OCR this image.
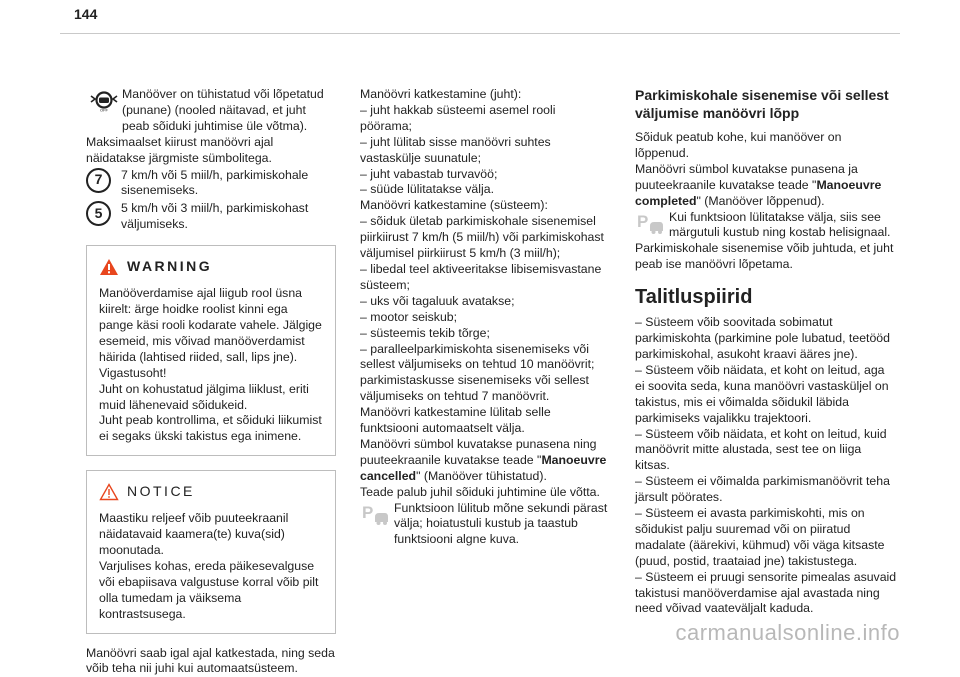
144
OFF

Manööver on tühistatud või lõpetatud (punane) (nooled näitavad, et juht peab sõiduki juhtimise üle võtma).

Maksimaalset kiirust manöövri ajal näidatakse järgmiste sümbolitega.

7	7 km/h või 5 miil/h, parkimiskohale sisenemiseks.

5	5 km/h või 3 miil/h, parkimiskohast väljumiseks.

WARNING

Manööverdamise ajal liigub rool üsna kiirelt: ärge hoidke roolist kinni ega pange käsi rooli kodarate vahele. Jälgige esemeid, mis võivad manööverdamist häirida (lahtised riided, sall, lips jne). Vigastusoht!

Juht on kohustatud jälgima liiklust, eriti muid lähenevaid sõidukeid.

Juht peab kontrollima, et sõiduki liikumist ei segaks ükski takistus ega inimene.

NOTICE

Maastiku reljeef võib puuteekraanil näidatavaid kaamera(te) kuva(sid) moonutada.

Varjulises kohas, ereda päikesevalguse või ebapiisava valgustuse korral võib pilt olla tumedam ja väiksema kontrastsusega.

Manöövri saab igal ajal katkestada, ning seda võib teha nii juhi kui automaatsüsteem.

Manöövri katkestamine (juht):

– juht hakkab süsteemi asemel rooli pöörama;

– juht lülitab sisse manöövri suhtes vastaskülje suunatule;

– juht vabastab turvavöö;

– süüde lülitatakse välja.

Manöövri katkestamine (süsteem):

– sõiduk ületab parkimiskohale sisenemisel piirkiirust 7 km/h (5 miil/h) või parkimiskohast väljumisel piirkiirust 5 km/h (3 miil/h);

– libedal teel aktiveeritakse libisemisvastane süsteem;

– uks või tagaluuk avatakse;

– mootor seiskub;

– süsteemis tekib tõrge;

– paralleelparkimiskohta sisenemiseks või sellest väljumiseks on tehtud 10 manöövrit; parkimistaskusse sisenemiseks või sellest väljumiseks on tehtud 7 manöövrit.

Manöövri katkestamine lülitab selle funktsiooni automaatselt välja.

Manöövri sümbol kuvatakse punasena ning puuteekraanile kuvatakse teade "Manoeuvre cancelled" (Manööver tühistatud).

Teade palub juhil sõiduki juhtimine üle võtta.

P Funktsioon lülitub mõne sekundi pärast välja; hoiatustuli kustub ja taastub funktsiooni algne kuva.

Parkimiskohale sisenemise või sellest väljumise manöövri lõpp

Sõiduk peatub kohe, kui manööver on lõppenud.

Manöövri sümbol kuvatakse punasena ja puuteekraanile kuvatakse teade "Manoeuvre completed" (Manööver lõppenud).

P Kui funktsioon lülitatakse välja, siis see märgutuli kustub ning kostab helisignaal.

Parkimiskohale sisenemise võib juhtuda, et juht peab ise manöövri lõpetama.

Talitluspiirid

– Süsteem võib soovitada sobimatut parkimiskohta (parkimine pole lubatud, teetööd parkimiskohal, asukoht kraavi ääres jne).

– Süsteem võib näidata, et koht on leitud, aga ei soovita seda, kuna manöövri vastasküljel on takistus, mis ei võimalda sõidukil läbida parkimiseks vajalikku trajektoori.

– Süsteem võib näidata, et koht on leitud, kuid manöövrit mitte alustada, sest tee on liiga kitsas.

– Süsteem ei võimalda parkimismanöövrit teha järsult pöörates.

– Süsteem ei avasta parkimiskohti, mis on sõidukist palju suuremad või on piiratud madalate (äärekivi, kühmud) või väga kitsaste (puud, postid, traataiad jne) takistustega.

– Süsteem ei pruugi sensorite pimealas asuvaid takistusi manööverdamise ajal avastada ning need võivad vaateväljalt kaduda.

carmanualsonline.info
